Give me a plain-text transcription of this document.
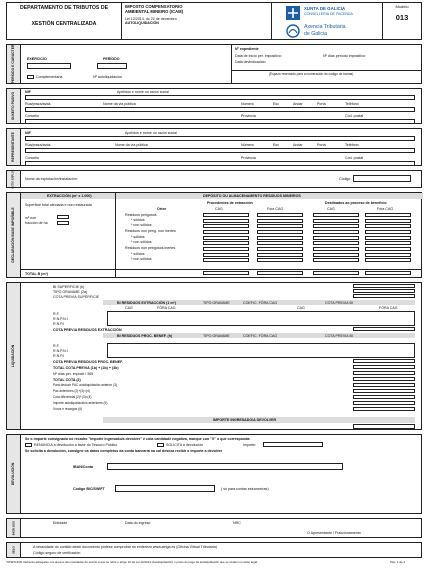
DEPARTAMENTO DE TRIBUTOS DE
XESTIÓN CENTRALIZADA
IMPOSTO COMPENSATORIO
AMBIENTAL MINEIRO (ICAM)
Lei 12/2014, do 22 de decembro
AUTOLIQUIDACIÓN
XUNTA DE GALICIA
CONSELLERÍA DE FACENDA
Axencia Tributaria
de Galicia
Modelo
013
PERÍODO E CARÁCTER	EXERCICIO	PERÍODO
Complementaria	Nº autoliquidación
Nº expediente
Data de inicio per. impositivo:	Nº días período impositivo:
Data devindicación:
(Espazo reservado para a numeración do código de barras)
SUXEITO PASIVO	NIF	Apelidos e nome ou razón social
Rúa/praza/avda.	Nome da vía pública	Número	Esc	Andar	Porta	Teléfono
Concello	Provincia	Cód. postal
REPRESENTANTE	NIF	Apelidos e nome ou razón social
Rúa/praza/avda.	Nome da vía pública	Número	Esc	Andar	Porta	Teléfono
Concello	Provincia	Cód. postal
ACTIV. EXPLOT.	Nome da explotación/instalación:	Código
DECLARACIÓN BASE IMPOÑIBLE
EXTRACCIÓN (m³ x 1.000)	DEPÓSITO OU ALMACENAMENTO RESIDUOS MINEIROS
Superficie total afectada e non restaurada
m² non
fracción de ha
Procedentes de extracción	Destinados ao proceso de beneficio
Orixe	CAG	Fóra CAG	CAG	Fóra CAG
Residuos perigosos
* sólidos
* non sólidos
Residuos non perig. non inertes
* sólidos
* non sólidos
Residuos non perigosos inertes
* sólidos
* non sólidos
TOTAL B (m³)
LIQUIDACIÓN
BI SUPERFICIE (b)
TIPO GRAVAME (2a)
COTA PREVIA SUPERFICIE
BI RESIDUOS EXTRACCIÓN (1 m³)	TIPO GRAVAME	COEFIC. FÓRA CAG	COTA PREVIA BI
CAG	FÓRA CAG	CAG	FÓRA CAG
R.F.
R.N.P.N.I
R.N.P.I
COTA PREVIA RESIDUOS EXTRACCIÓN
BI RESIDUOS PROC. BENEF. (h)	TIPO GRAVAME	COEFIC. FÓRA CAG	COTA PREVIA BI
R.F.
R.N.P.N.I
R.N.P.I
COTA PREVIA RESIDUOS PROC. BENEF.
TOTAL COTA PREVIA (1b) + (2b) + (3b)
Nº días per. imposit / 365
TOTAL COTA (2)
Para deducir PAC autoliquidación anterior (3)
Pac anteriores (2)+(3)=(4)
Cota diferencial (2)+(3)=(4)
Importe autoliquidacións anteriores (5)
Xuros e recargos (6)
IMPORTE INGRESADO/A DEVOLVER
DEVOLUCIÓN
Se o importe consignado no recadro "Importe ingresado/a devolver" é cota cantidade negativa, marque cun "X" o que corresponda:
RENUNCIA á devolución a favor do Tesouro Público	SOLICITA a devolución	Importe:
Se solicita a devolución, consigne os datos completos da conta bancaria na cal desexa recibir o importe a devolver
IBAN/Conta
Código BIC/SWIFT	( só para contas estranxeiras)
INGR. ESO	Entidade	Data do ingreso	NRC
O Apresentante / Fraccionamento
SELO	A veracidade do contido deste documento pódese comprobar no enderezo www.atriga.es (Oficina Virtual Tributaria)
Código seguro de verificación
*ATENCIÓN: Deberán achegarse cos anexos dos resultados do escrito a que se refire o artigo 10 da Lei 12/2014 (Autoliquidación) o prazo do pago da autoliquidación que se sinalen no aviso legal.	Páx. 1 de 2
